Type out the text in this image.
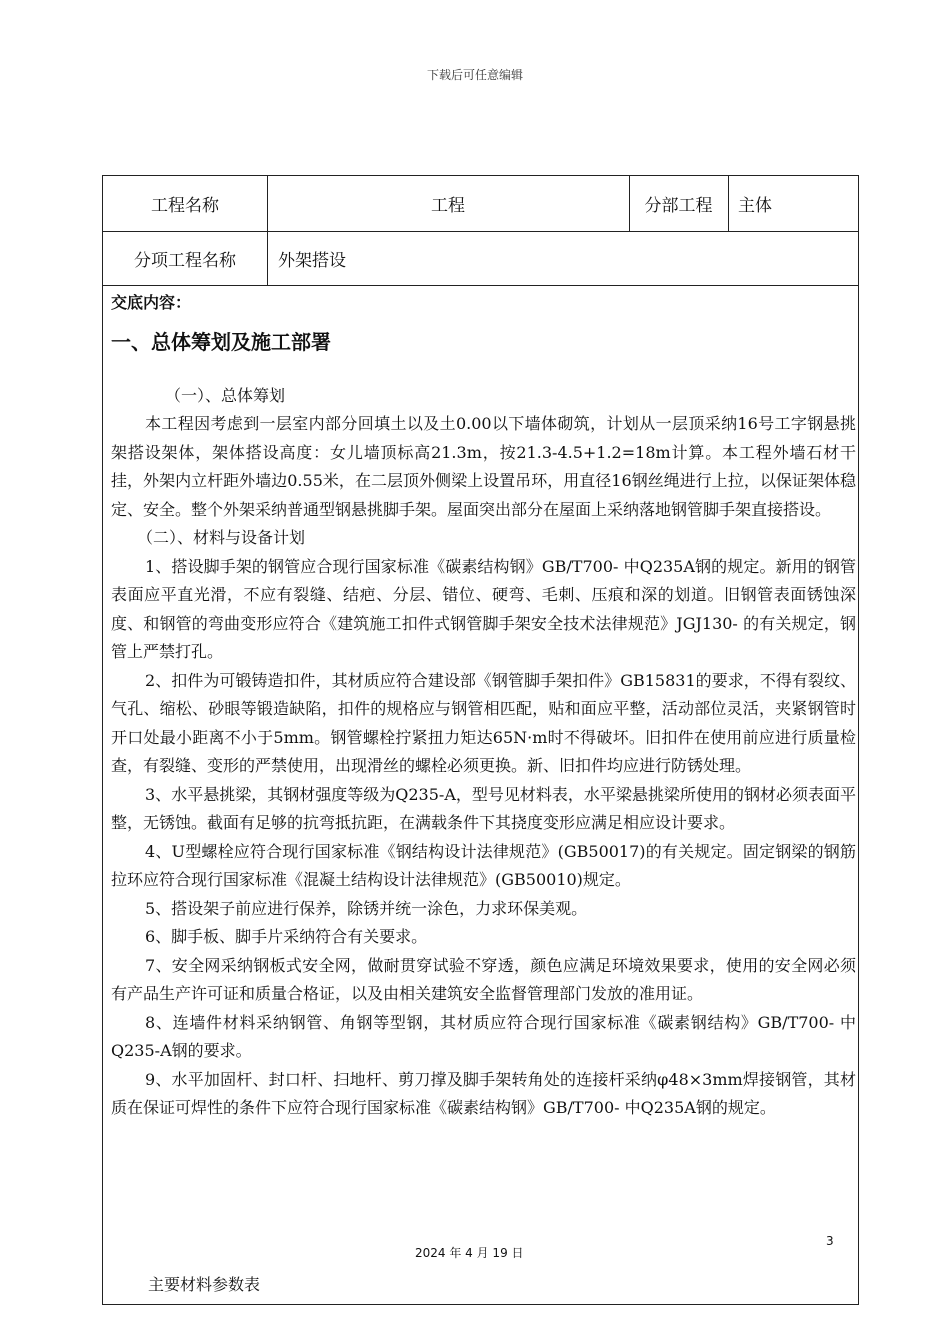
下载后可任意编辑
工程名称	工程	分部工程	主体
分项工程名称	外架搭设

交底内容：

一、总体筹划及施工部署

（一）、总体筹划

本工程因考虑到一层室内部分回填土以及土0.00以下墙体砌筑，计划从一层顶采纳16号工字钢悬挑架搭设架体，架体搭设高度：女儿墙顶标高21.3m，按21.3-4.5+1.2=18m计算。本工程外墙石材干挂，外架内立杆距外墙边0.55米，在二层顶外侧梁上设置吊环，用直径16钢丝绳进行上拉，以保证架体稳定、安全。整个外架采纳普通型钢悬挑脚手架。屋面突出部分在屋面上采纳落地钢管脚手架直接搭设。

（二）、材料与设备计划

1、搭设脚手架的钢管应合现行国家标准《碳素结构钢》GB/T700- 中Q235A钢的规定。新用的钢管表面应平直光滑，不应有裂缝、结疤、分层、错位、硬弯、毛刺、压痕和深的划道。旧钢管表面锈蚀深度、和钢管的弯曲变形应符合《建筑施工扣件式钢管脚手架安全技术法律规范》JGJ130- 的有关规定，钢管上严禁打孔。

2、扣件为可锻铸造扣件，其材质应符合建设部《钢管脚手架扣件》GB15831的要求，不得有裂纹、气孔、缩松、砂眼等锻造缺陷，扣件的规格应与钢管相匹配，贴和面应平整，活动部位灵活，夹紧钢管时开口处最小距离不小于5mm。钢管螺栓拧紧扭力矩达65N·m时不得破坏。旧扣件在使用前应进行质量检查，有裂缝、变形的严禁使用，出现滑丝的螺栓必须更换。新、旧扣件均应进行防锈处理。

3、水平悬挑梁，其钢材强度等级为Q235-A，型号见材料表，水平梁悬挑梁所使用的钢材必须表面平整，无锈蚀。截面有足够的抗弯抵抗距，在满载条件下其挠度变形应满足相应设计要求。

4、U型螺栓应符合现行国家标准《钢结构设计法律规范》(GB50017)的有关规定。固定钢梁的钢筋拉环应符合现行国家标准《混凝土结构设计法律规范》(GB50010)规定。

5、搭设架子前应进行保养，除锈并统一涂色，力求环保美观。

6、脚手板、脚手片采纳符合有关要求。

7、安全网采纳钢板式安全网，做耐贯穿试验不穿透，颜色应满足环境效果要求，使用的安全网必须有产品生产许可证和质量合格证，以及由相关建筑安全监督管理部门发放的准用证。

8、连墙件材料采纳钢管、角钢等型钢，其材质应符合现行国家标准《碳素钢结构》GB/T700- 中Q235-A钢的要求。

9、水平加固杆、封口杆、扫地杆、剪刀撑及脚手架转角处的连接杆采纳φ48×3mm焊接钢管，其材质在保证可焊性的条件下应符合现行国家标准《碳素结构钢》GB/T700- 中Q235A钢的规定。

3
2024 年 4 月 19 日
主要材料参数表
